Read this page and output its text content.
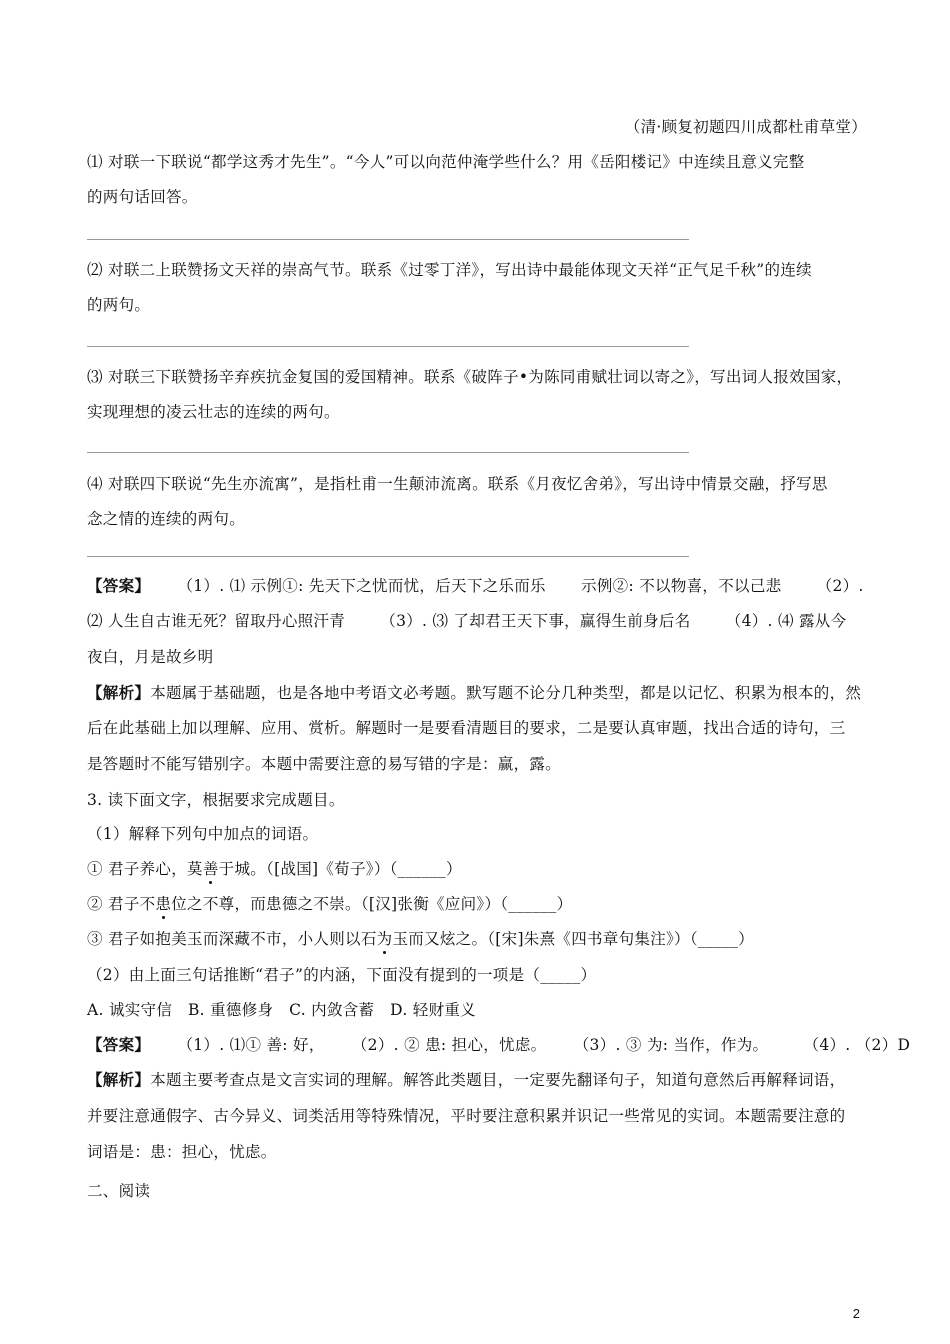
（清·顾复初题四川成都杜甫草堂）
⑴ 对联一下联说“都学这秀才先生”。“今人”可以向范仲淹学些什么？用《岳阳楼记》中连续且意义完整
的两句话回答。
⑵ 对联二上联赞扬文天祥的崇高气节。联系《过零丁洋》，写出诗中最能体现文天祥“正气足千秋”的连续
的两句。
⑶ 对联三下联赞扬辛弃疾抗金复国的爱国精神。联系《破阵子•为陈同甫赋壮词以寄之》，写出词人报效国家，
实现理想的凌云壮志的连续的两句。
⑷ 对联四下联说“先生亦流寓”，是指杜甫一生颠沛流离。联系《月夜忆舍弟》，写出诗中情景交融，抒写思
念之情的连续的两句。
【答案】 （1）. ⑴ 示例①: 先天下之忧而忧，后天下之乐而乐 示例②: 不以物喜，不以己悲 （2）.
⑵ 人生自古谁无死？留取丹心照汗青 （3）. ⑶ 了却君王天下事，赢得生前身后名 （4）. ⑷ 露从今
夜白，月是故乡明
【解析】本题属于基础题，也是各地中考语文必考题。默写题不论分几种类型，都是以记忆、积累为根本的，然
后在此基础上加以理解、应用、赏析。解题时一是要看清题目的要求，二是要认真审题，找出合适的诗句，三
是答题时不能写错别字。本题中需要注意的易写错的字是：赢，露。
3. 读下面文字，根据要求完成题目。
（1）解释下列句中加点的词语。
① 君子养心，莫善于城。（[战国]《荀子》）（______）
② 君子不患位之不尊，而患德之不崇。（[汉]张衡《应问》）（______）
③ 君子如抱美玉而深藏不市，小人则以石为玉而又炫之。（[宋]朱熹《四书章句集注》）（_____）
（2）由上面三句话推断“君子”的内涵，下面没有提到的一项是（_____）
A. 诚实守信　B. 重德修身　C. 内敛含蓄　D. 轻财重义
【答案】 （1）. ⑴① 善: 好， （2）. ② 患: 担心，忧虑。 （3）. ③ 为: 当作，作为。 （4）. （2）D
【解析】本题主要考查点是文言实词的理解。解答此类题目，一定要先翻译句子，知道句意然后再解释词语，
并要注意通假字、古今异义、词类活用等特殊情况，平时要注意积累并识记一些常见的实词。本题需要注意的
词语是：患：担心，忧虑。
二、阅读
2
